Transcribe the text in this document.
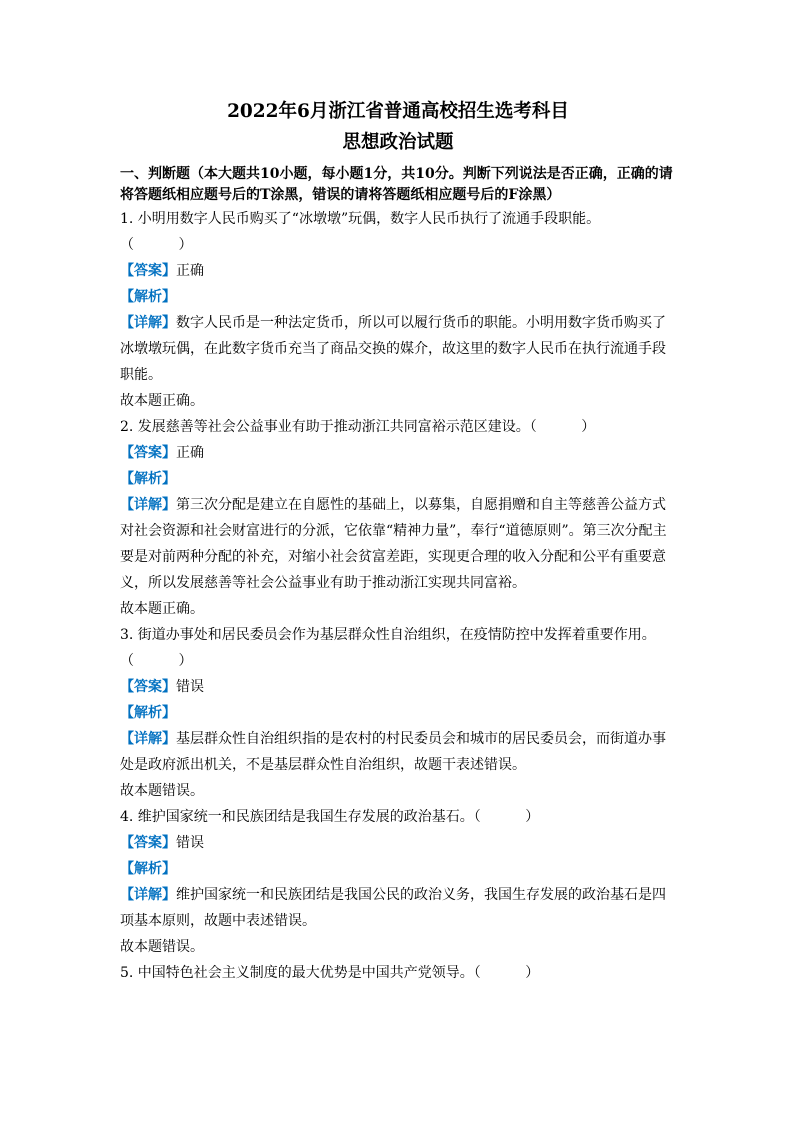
2022年6月浙江省普通高校招生选考科目

思想政治试题

一、判断题（本大题共10小题，每小题1分，共10分。判断下列说法是否正确，正确的请将答题纸相应题号后的T涂黑，错误的请将答题纸相应题号后的F涂黑）

1. 小明用数字人民币购买了“冰墩墩”玩偶，数字人民币执行了流通手段职能。

（          ）

【答案】正确

【解析】

【详解】数字人民币是一种法定货币，所以可以履行货币的职能。小明用数字货币购买了冰墩墩玩偶，在此数字货币充当了商品交换的媒介，故这里的数字人民币在执行流通手段职能。

故本题正确。

2. 发展慈善等社会公益事业有助于推动浙江共同富裕示范区建设。（          ）

【答案】正确

【解析】

【详解】第三次分配是建立在自愿性的基础上，以募集，自愿捐赠和自主等慈善公益方式对社会资源和社会财富进行的分派，它依靠“精神力量”，奉行“道德原则”。第三次分配主要是对前两种分配的补充，对缩小社会贫富差距，实现更合理的收入分配和公平有重要意义，所以发展慈善等社会公益事业有助于推动浙江实现共同富裕。

故本题正确。

3. 街道办事处和居民委员会作为基层群众性自治组织，在疫情防控中发挥着重要作用。

（          ）

【答案】错误

【解析】

【详解】基层群众性自治组织指的是农村的村民委员会和城市的居民委员会，而街道办事处是政府派出机关，不是基层群众性自治组织，故题干表述错误。

故本题错误。

4. 维护国家统一和民族团结是我国生存发展的政治基石。（          ）

【答案】错误

【解析】

【详解】维护国家统一和民族团结是我国公民的政治义务，我国生存发展的政治基石是四项基本原则，故题中表述错误。

故本题错误。

5. 中国特色社会主义制度的最大优势是中国共产党领导。（          ）
